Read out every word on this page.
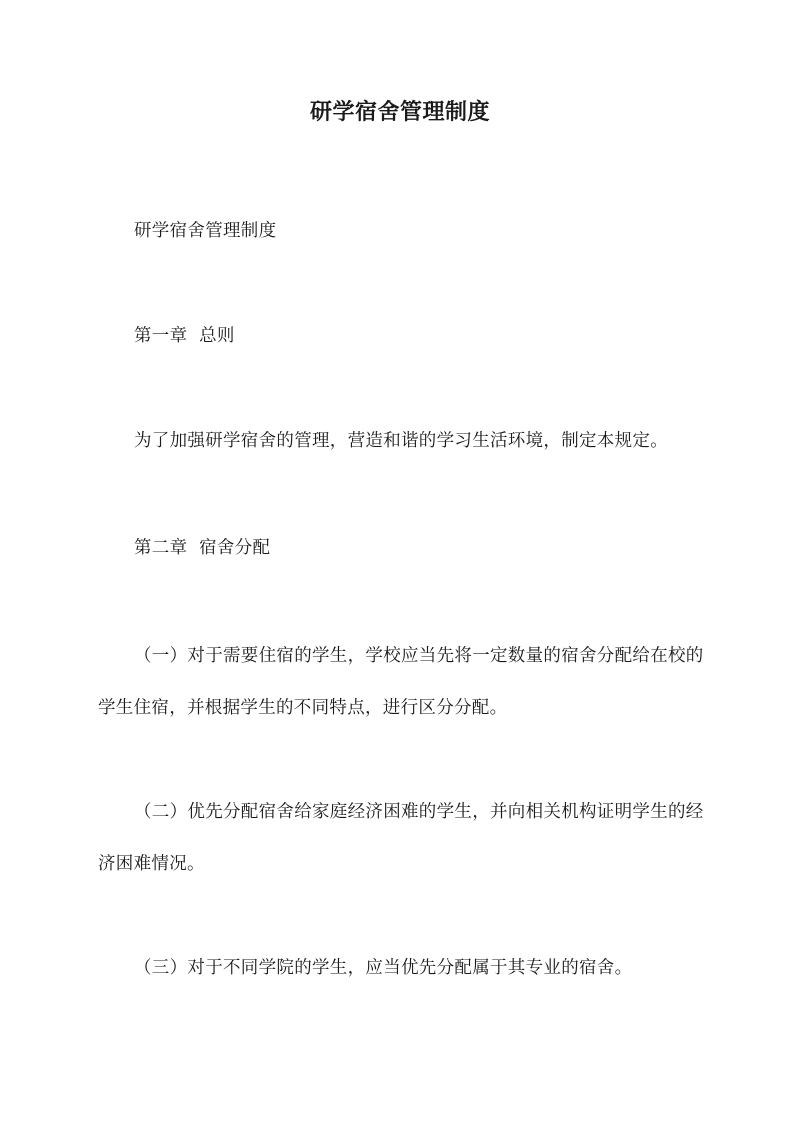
研学宿舍管理制度
研学宿舍管理制度
第一章  总则
为了加强研学宿舍的管理，营造和谐的学习生活环境，制定本规定。
第二章  宿舍分配
（一）对于需要住宿的学生，学校应当先将一定数量的宿舍分配给在校的学生住宿，并根据学生的不同特点，进行区分分配。
（二）优先分配宿舍给家庭经济困难的学生，并向相关机构证明学生的经济困难情况。
（三）对于不同学院的学生，应当优先分配属于其专业的宿舍。
